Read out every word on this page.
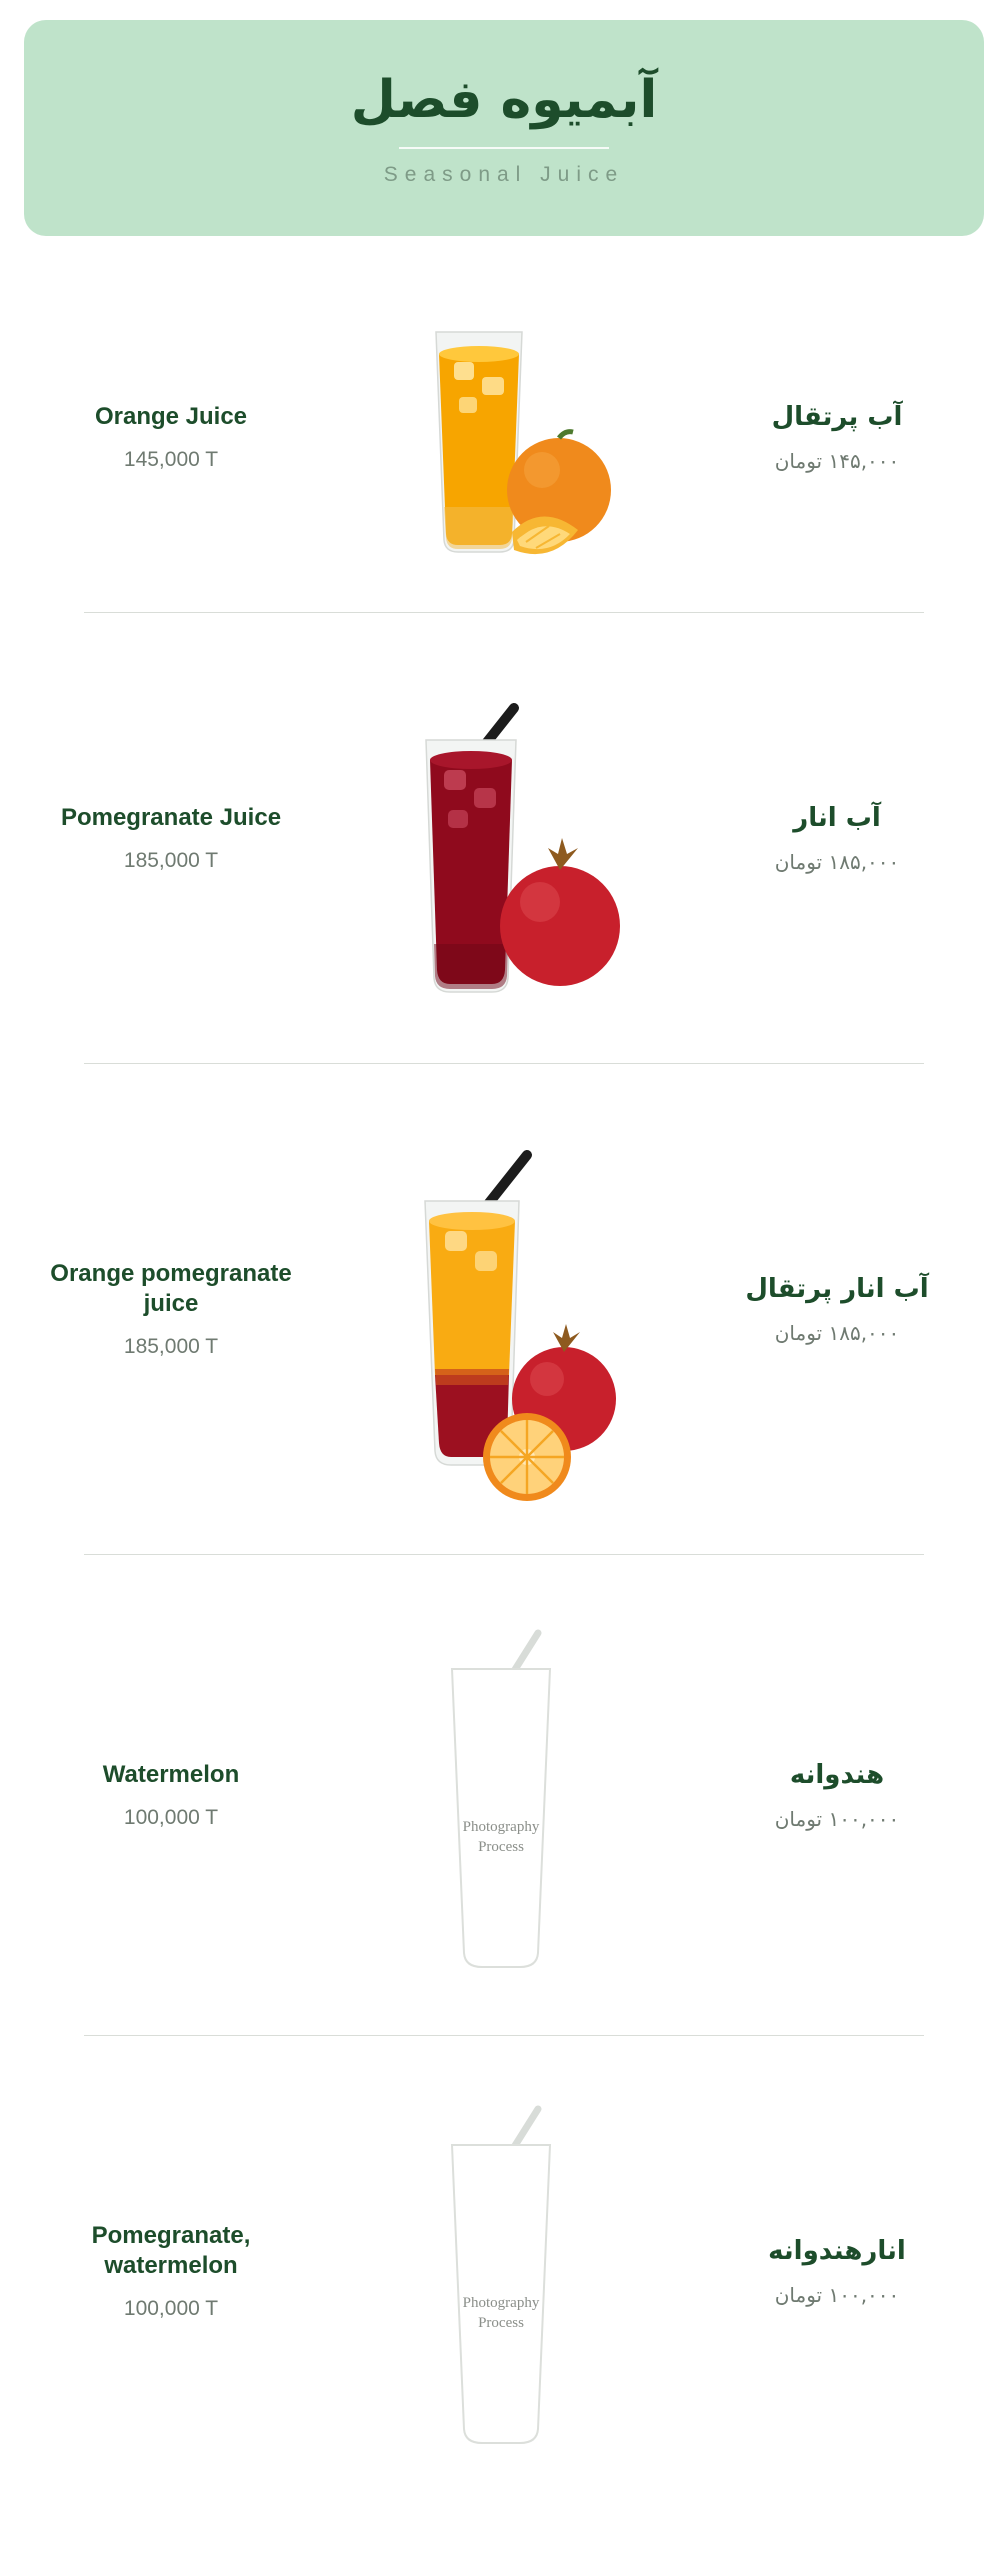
آبمیوه فصل
Seasonal Juice
آب پرتقال
۱۴۵,۰۰۰ تومان
Orange Juice
145,000 T
آب انار
۱۸۵,۰۰۰ تومان
Pomegranate Juice
185,000 T
آب انار پرتقال
۱۸۵,۰۰۰ تومان
Orange pomegranate juice
185,000 T
هندوانه
۱۰۰,۰۰۰ تومان
Photography
Process
Watermelon
100,000 T
انارهندوانه
۱۰۰,۰۰۰ تومان
Photography
Process
Pomegranate, watermelon
100,000 T
